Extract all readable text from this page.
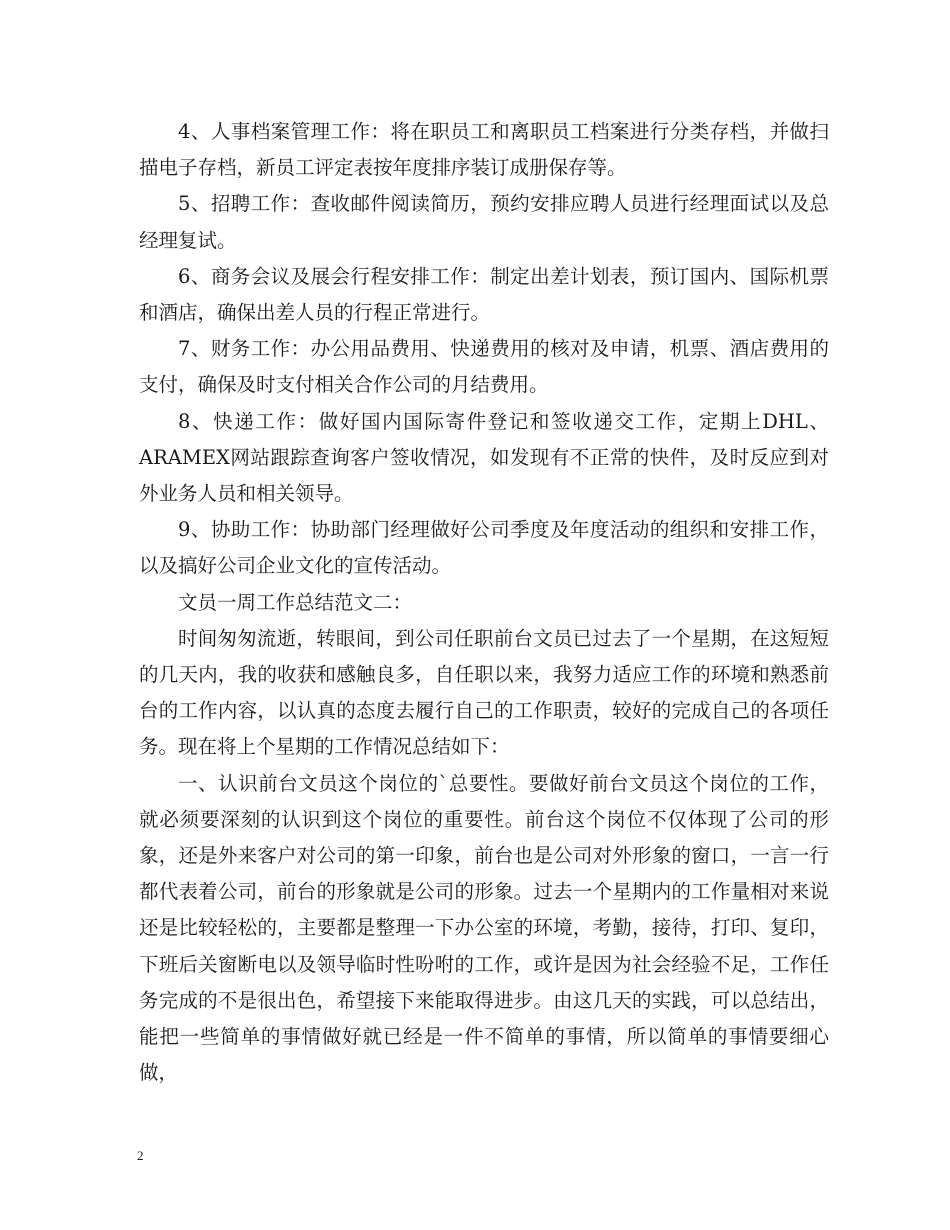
4、人事档案管理工作：将在职员工和离职员工档案进行分类存档，并做扫描电子存档，新员工评定表按年度排序装订成册保存等。

5、招聘工作：查收邮件阅读简历，预约安排应聘人员进行经理面试以及总经理复试。

6、商务会议及展会行程安排工作：制定出差计划表，预订国内、国际机票和酒店，确保出差人员的行程正常进行。

7、财务工作：办公用品费用、快递费用的核对及申请，机票、酒店费用的支付，确保及时支付相关合作公司的月结费用。

8、快递工作：做好国内国际寄件登记和签收递交工作，定期上DHL、ARAMEX网站跟踪查询客户签收情况，如发现有不正常的快件，及时反应到对外业务人员和相关领导。

9、协助工作：协助部门经理做好公司季度及年度活动的组织和安排工作，以及搞好公司企业文化的宣传活动。

文员一周工作总结范文二：

时间匆匆流逝，转眼间，到公司任职前台文员已过去了一个星期，在这短短的几天内，我的收获和感触良多，自任职以来，我努力适应工作的环境和熟悉前台的工作内容，以认真的态度去履行自己的工作职责，较好的完成自己的各项任务。现在将上个星期的工作情况总结如下：

一、认识前台文员这个岗位的`总要性。要做好前台文员这个岗位的工作，就必须要深刻的认识到这个岗位的重要性。前台这个岗位不仅体现了公司的形象，还是外来客户对公司的第一印象，前台也是公司对外形象的窗口，一言一行都代表着公司，前台的形象就是公司的形象。过去一个星期内的工作量相对来说还是比较轻松的，主要都是整理一下办公室的环境，考勤，接待，打印、复印，下班后关窗断电以及领导临时性吩咐的工作，或许是因为社会经验不足，工作任务完成的不是很出色，希望接下来能取得进步。由这几天的实践，可以总结出，能把一些简单的事情做好就已经是一件不简单的事情，所以简单的事情要细心做，

2
